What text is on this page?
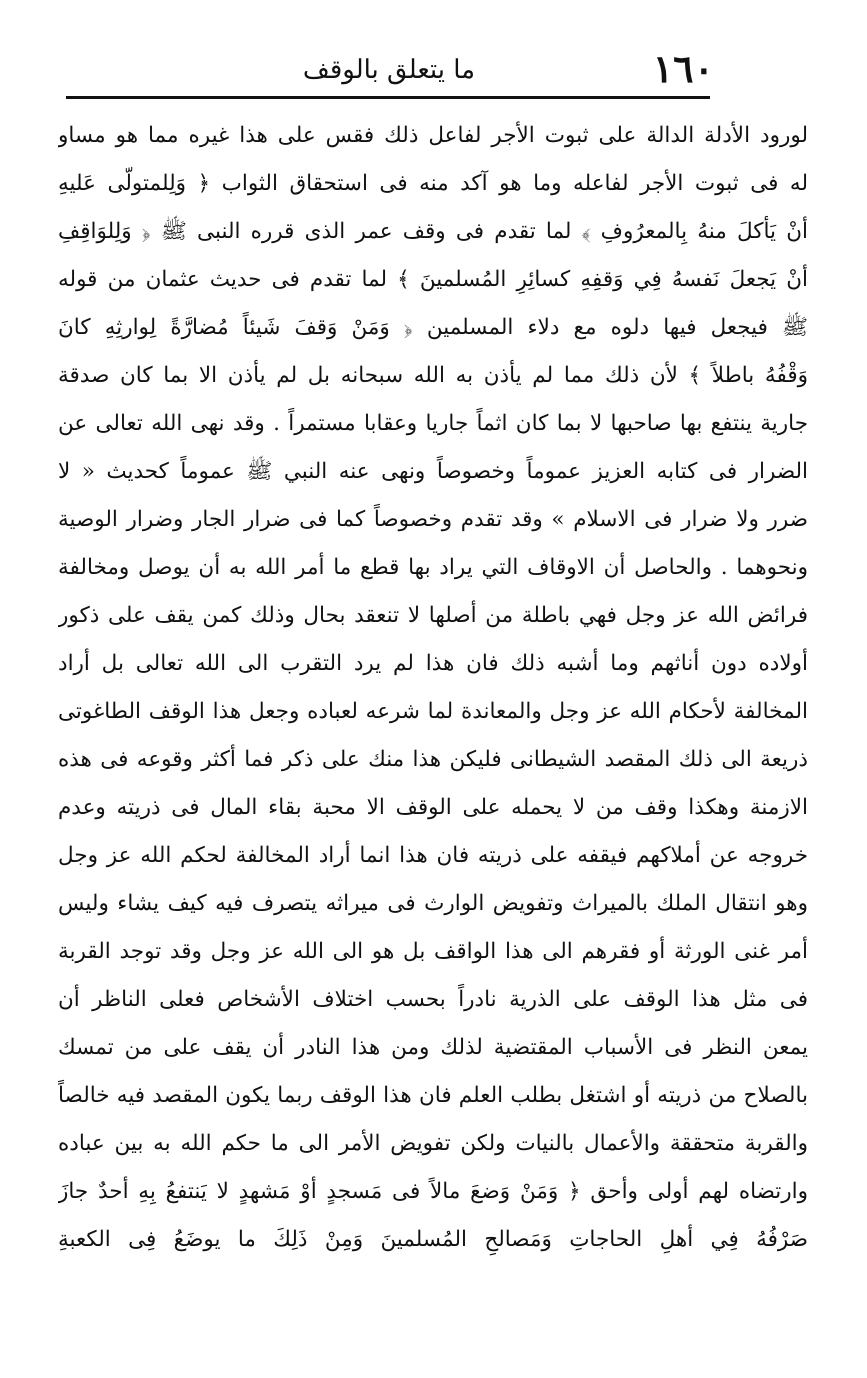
١٦٠
ما يتعلق بالوقف
لورود الأدلة الدالة على ثبوت الأجر لفاعل ذلك فقس على هذا غيره مما هو مساو
له فى ثبوت الأجر لفاعله وما هو آكد منه فى استحقاق الثواب ﴿ وَلِلمتولّى عَليهِ
أنْ يَأكلَ منهُ بِالمعرُوفِ ﴾ لما تقدم فى وقف عمر الذى قرره النبى ﷺ ﴿ وَلِلوَاقِفِ
أنْ يَجعلَ نَفسهُ فِي وَقفِهِ كسائِرِ المُسلمينَ ﴾ لما تقدم فى حديث عثمان من قوله
ﷺ فيجعل فيها دلوه مع دلاء المسلمين ﴿ وَمَنْ وَقفَ شَيئاً مُضارَّةً لِوارثِهِ كانَ
وَقْفُهُ باطلاً ﴾ لأن ذلك مما لم يأذن به الله سبحانه بل لم يأذن الا بما كان صدقة
جارية ينتفع بها صاحبها لا بما كان اثماً جاريا وعقابا مستمراً . وقد نهى الله تعالى عن
الضرار فى كتابه العزيز عموماً وخصوصاً ونهى عنه النبي ﷺ عموماً كحديث « لا
ضرر ولا ضرار فى الاسلام » وقد تقدم وخصوصاً كما فى ضرار الجار وضرار الوصية
ونحوهما . والحاصل أن الاوقاف التي يراد بها قطع ما أمر الله به أن يوصل ومخالفة
فرائض الله عز وجل فهي باطلة من أصلها لا تنعقد بحال وذلك كمن يقف على ذكور
أولاده دون أناثهم وما أشبه ذلك فان هذا لم يرد التقرب الى الله تعالى بل أراد
المخالفة لأحكام الله عز وجل والمعاندة لما شرعه لعباده وجعل هذا الوقف الطاغوتى
ذريعة الى ذلك المقصد الشيطانى فليكن هذا منك على ذكر فما أكثر وقوعه فى هذه
الازمنة وهكذا وقف من لا يحمله على الوقف الا محبة بقاء المال فى ذريته وعدم
خروجه عن أملاكهم فيقفه على ذريته فان هذا انما أراد المخالفة لحكم الله عز وجل
وهو انتقال الملك بالميراث وتفويض الوارث فى ميراثه يتصرف فيه كيف يشاء وليس
أمر غنى الورثة أو فقرهم الى هذا الواقف بل هو الى الله عز وجل وقد توجد القربة
فى مثل هذا الوقف على الذرية نادراً بحسب اختلاف الأشخاص فعلى الناظر أن
يمعن النظر فى الأسباب المقتضية لذلك ومن هذا النادر أن يقف على من تمسك
بالصلاح من ذريته أو اشتغل بطلب العلم فان هذا الوقف ربما يكون المقصد فيه خالصاً
والقربة متحققة والأعمال بالنيات ولكن تفويض الأمر الى ما حكم الله به بين عباده
وارتضاه لهم أولى وأحق ﴿ وَمَنْ وَضعَ مالاً فى مَسجدٍ أوْ مَشهدٍ لا يَنتفعُ بِهِ أحدٌ جازَ
صَرْفُهُ فِي أهلِ الحاجاتِ وَمَصالحِ المُسلمينَ وَمِنْ ذَلِكَ ما يوضَعُ فِى الكعبةِ
